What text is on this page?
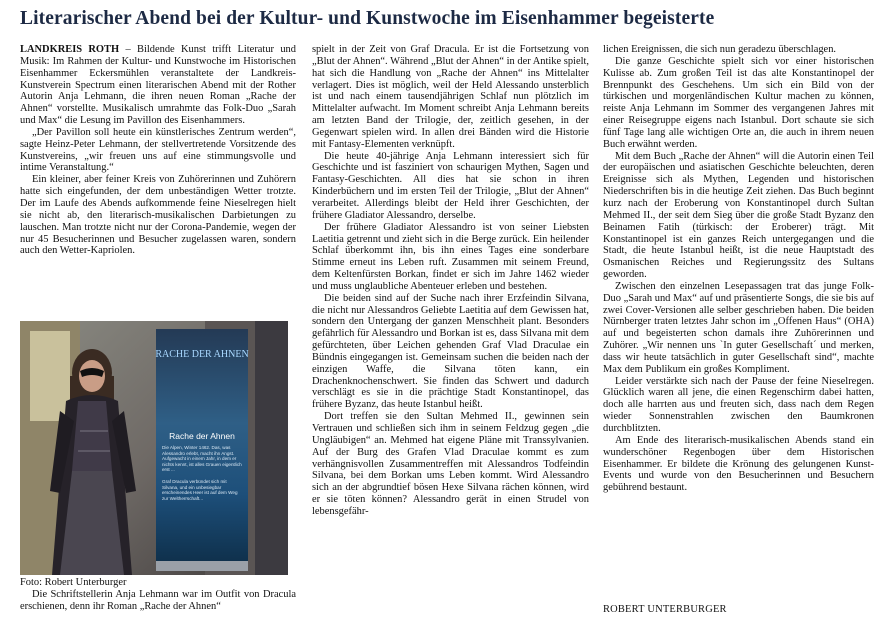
Literarischer Abend bei der Kultur- und Kunstwoche im Eisenhammer begeisterte

LANDKREIS ROTH – Bildende Kunst trifft Literatur und Musik: Im Rahmen der Kultur- und Kunstwoche im Historischen Eisenhammer Eckersmühlen veranstaltete der Landkreis-Kunstverein Spectrum einen literarischen Abend mit der Rother Autorin Anja Lehmann, die ihren neuen Roman „Rache der Ahnen“ vorstellte. Musikalisch umrahmte das Folk-Duo „Sarah und Max“ die Lesung im Pavillon des Eisenhammers.

„Der Pavillon soll heute ein künstlerisches Zentrum werden“, sagte Heinz-Peter Lehmann, der stellvertretende Vorsitzende des Kunstvereins, „wir freuen uns auf eine stimmungsvolle und intime Veranstaltung.“

Ein kleiner, aber feiner Kreis von Zuhörerinnen und Zuhörern hatte sich eingefunden, der dem unbeständigen Wetter trotzte. Der im Laufe des Abends aufkommende feine Nieselregen hielt sie nicht ab, den literarisch-musikalischen Darbietungen zu lauschen. Man trotzte nicht nur der Corona-Pandemie, wegen der nur 45 Besucherinnen und Besucher zugelassen waren, sondern auch den Wetter-Kapriolen.

RACHE DER AHNEN
Rache der Ahnen
Die Alpen, Winter 1462. Das, was Alessandro erlebt, macht ihn Angst. Aufgewacht in einem Jahr, in dem er nichts kennt, ist alles Grauen eigentlich erst ...
Graf Dracula verbündet sich mit Silvana, und ein unbesiegbar erscheinendes Heer ist auf dem Weg zur Weltherrschaft...
Foto: Robert Unterburger
Die Schriftstellerin Anja Lehmann war im Outfit von Dracula erschienen, denn ihr Roman „Rache der Ahnen“

spielt in der Zeit von Graf Dracula. Er ist die Fortsetzung von „Blut der Ahnen“. Während „Blut der Ahnen“ in der Antike spielt, hat sich die Handlung von „Rache der Ahnen“ ins Mittelalter verlagert. Dies ist möglich, weil der Held Alessando unsterblich ist und nach einem tausendjährigen Schlaf nun plötzlich im Mittelalter aufwacht. Im Moment schreibt Anja Lehmann bereits am letzten Band der Trilogie, der, zeitlich gesehen, in der Gegenwart spielen wird. In allen drei Bänden wird die Historie mit Fantasy-Elementen verknüpft.

Die heute 40-jährige Anja Lehmann interessiert sich für Geschichte und ist fasziniert von schaurigen Mythen, Sagen und Fantasy-Geschichten. All dies hat sie schon in ihren Kinderbüchern und im ersten Teil der Trilogie, „Blut der Ahnen“ verarbeitet. Allerdings bleibt der Held ihrer Geschichten, der frühere Gladiator Alessandro, derselbe.

Der frühere Gladiator Alessandro ist von seiner Liebsten Laetitia getrennt und zieht sich in die Berge zurück. Ein heilender Schlaf überkommt ihn, bis ihn eines Tages eine sonderbare Stimme erneut ins Leben ruft. Zusammen mit seinem Freund, dem Keltenfürsten Borkan, findet er sich im Jahre 1462 wieder und muss unglaubliche Abenteuer erleben und bestehen.

Die beiden sind auf der Suche nach ihrer Erzfeindin Silvana, die nicht nur Alessandros Geliebte Laetitia auf dem Gewissen hat, sondern den Untergang der ganzen Menschheit plant. Besonders gefährlich für Alessandro und Borkan ist es, dass Silvana mit dem gefürchteten, über Leichen gehenden Graf Vlad Draculae ein Bündnis eingegangen ist. Gemeinsam suchen die beiden nach der einzigen Waffe, die Silvana töten kann, ein Drachenknochenschwert. Sie finden das Schwert und dadurch verschlägt es sie in die prächtige Stadt Konstantinopel, das frühere Byzanz, das heute Istanbul heißt.

Dort treffen sie den Sultan Mehmed II., gewinnen sein Vertrauen und schließen sich ihm in seinem Feldzug gegen „die Ungläubigen“ an. Mehmed hat eigene Pläne mit Transsylvanien. Auf der Burg des Grafen Vlad Draculae kommt es zum verhängnisvollen Zusammentreffen mit Alessandros Todfeindin Silvana, bei dem Borkan ums Leben kommt. Wird Alessandro sich an der abgrundtief bösen Hexe Silvana rächen können, wird er sie töten können? Alessandro gerät in einen Strudel von lebensgefähr-

lichen Ereignissen, die sich nun geradezu überschlagen.

Die ganze Geschichte spielt sich vor einer historischen Kulisse ab. Zum großen Teil ist das alte Konstantinopel der Brennpunkt des Geschehens. Um sich ein Bild von der türkischen und morgenländischen Kultur machen zu können, reiste Anja Lehmann im Sommer des vergangenen Jahres mit einer Reisegruppe eigens nach Istanbul. Dort schaute sie sich fünf Tage lang alle wichtigen Orte an, die auch in ihrem neuen Buch erwähnt werden.

Mit dem Buch „Rache der Ahnen“ will die Autorin einen Teil der europäischen und asiatischen Geschichte beleuchten, deren Ereignisse sich als Mythen, Legenden und historischen Niederschriften bis in die heutige Zeit ziehen. Das Buch beginnt kurz nach der Eroberung von Konstantinopel durch Sultan Mehmed II., der seit dem Sieg über die große Stadt Byzanz den Beinamen Fatih (türkisch: der Eroberer) trägt. Mit Konstantinopel ist ein ganzes Reich untergegangen und die Stadt, die heute Istanbul heißt, ist die neue Hauptstadt des Osmanischen Reiches und Regierungssitz des Sultans geworden.

Zwischen den einzelnen Lesepassagen trat das junge Folk-Duo „Sarah und Max“ auf und präsentierte Songs, die sie bis auf zwei Cover-Versionen alle selber geschrieben haben. Die beiden Nürnberger traten letztes Jahr schon im „Offenen Haus“ (OHA) auf und begeisterten schon damals ihre Zuhörerinnen und Zuhörer. „Wir nennen uns `In guter Gesellschaft´ und merken, dass wir heute tatsächlich in guter Gesellschaft sind“, machte Max dem Publikum ein großes Kompliment.

Leider verstärkte sich nach der Pause der feine Nieselregen. Glücklich waren all jene, die einen Regenschirm dabei hatten, doch alle harrten aus und freuten sich, dass nach dem Regen wieder Sonnenstrahlen zwischen den Baumkronen durchblitzten.

Am Ende des literarisch-musikalischen Abends stand ein wunderschöner Regenbogen über dem Historischen Eisenhammer. Er bildete die Krönung des gelungenen Kunst-Events und wurde von den Besucherinnen und Besuchern gebührend bestaunt.

ROBERT UNTERBURGER
